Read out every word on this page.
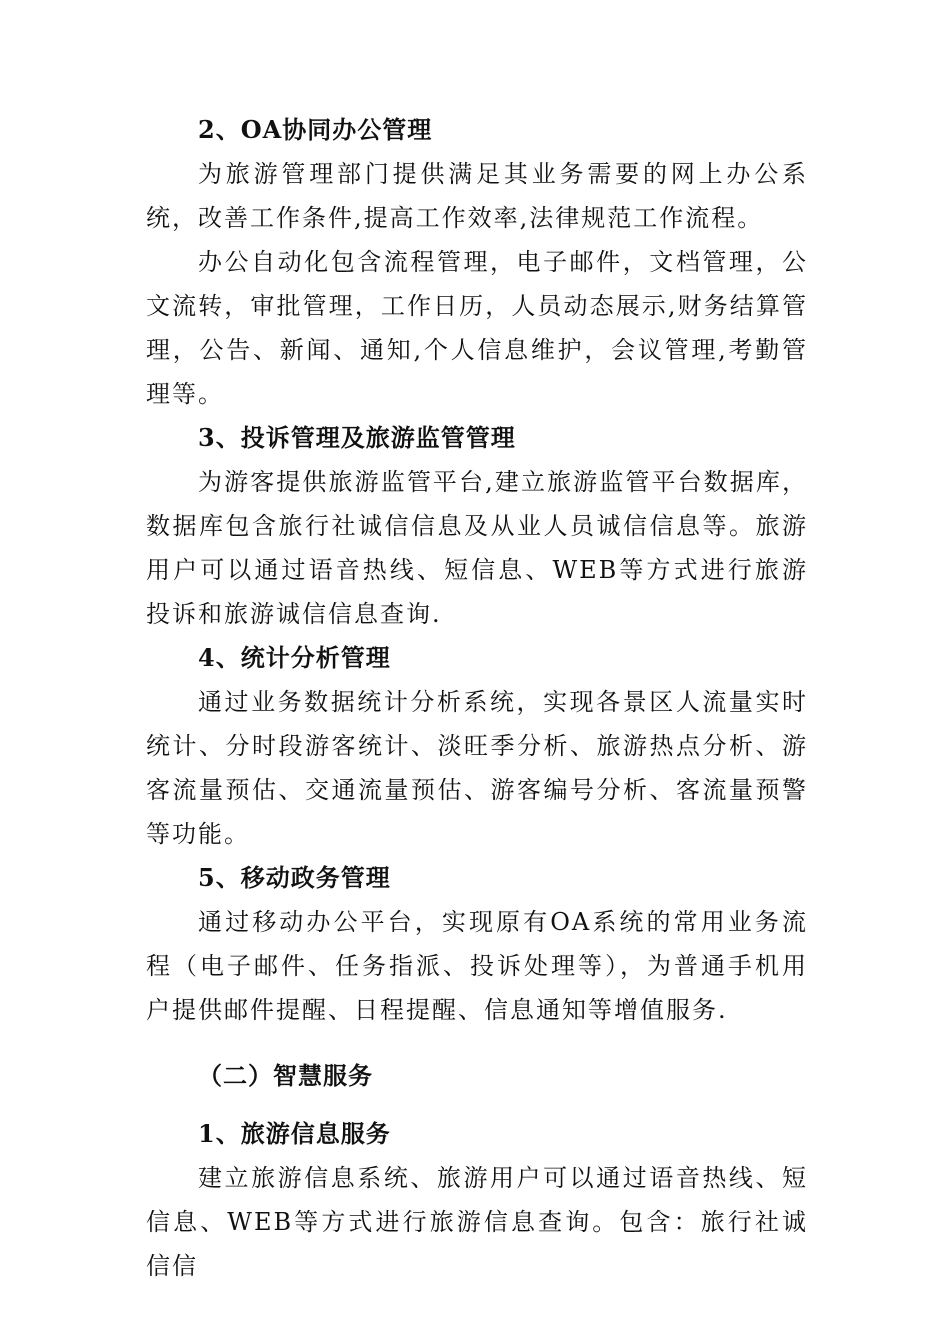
2、OA协同办公管理

为旅游管理部门提供满足其业务需要的网上办公系统，改善工作条件,提高工作效率,法律规范工作流程。

办公自动化包含流程管理，电子邮件，文档管理，公文流转，审批管理，工作日历，人员动态展示,财务结算管理，公告、新闻、通知,个人信息维护，会议管理,考勤管理等。

3、投诉管理及旅游监管管理

为游客提供旅游监管平台,建立旅游监管平台数据库，数据库包含旅行社诚信信息及从业人员诚信信息等。旅游用户可以通过语音热线、短信息、WEB等方式进行旅游投诉和旅游诚信信息查询.

4、统计分析管理

通过业务数据统计分析系统，实现各景区人流量实时统计、分时段游客统计、淡旺季分析、旅游热点分析、游客流量预估、交通流量预估、游客编号分析、客流量预警等功能。

5、移动政务管理

通过移动办公平台，实现原有OA系统的常用业务流程（电子邮件、任务指派、投诉处理等），为普通手机用户提供邮件提醒、日程提醒、信息通知等增值服务.

（二）智慧服务
1、旅游信息服务

建立旅游信息系统、旅游用户可以通过语音热线、短信息、WEB等方式进行旅游信息查询。包含：旅行社诚信信
